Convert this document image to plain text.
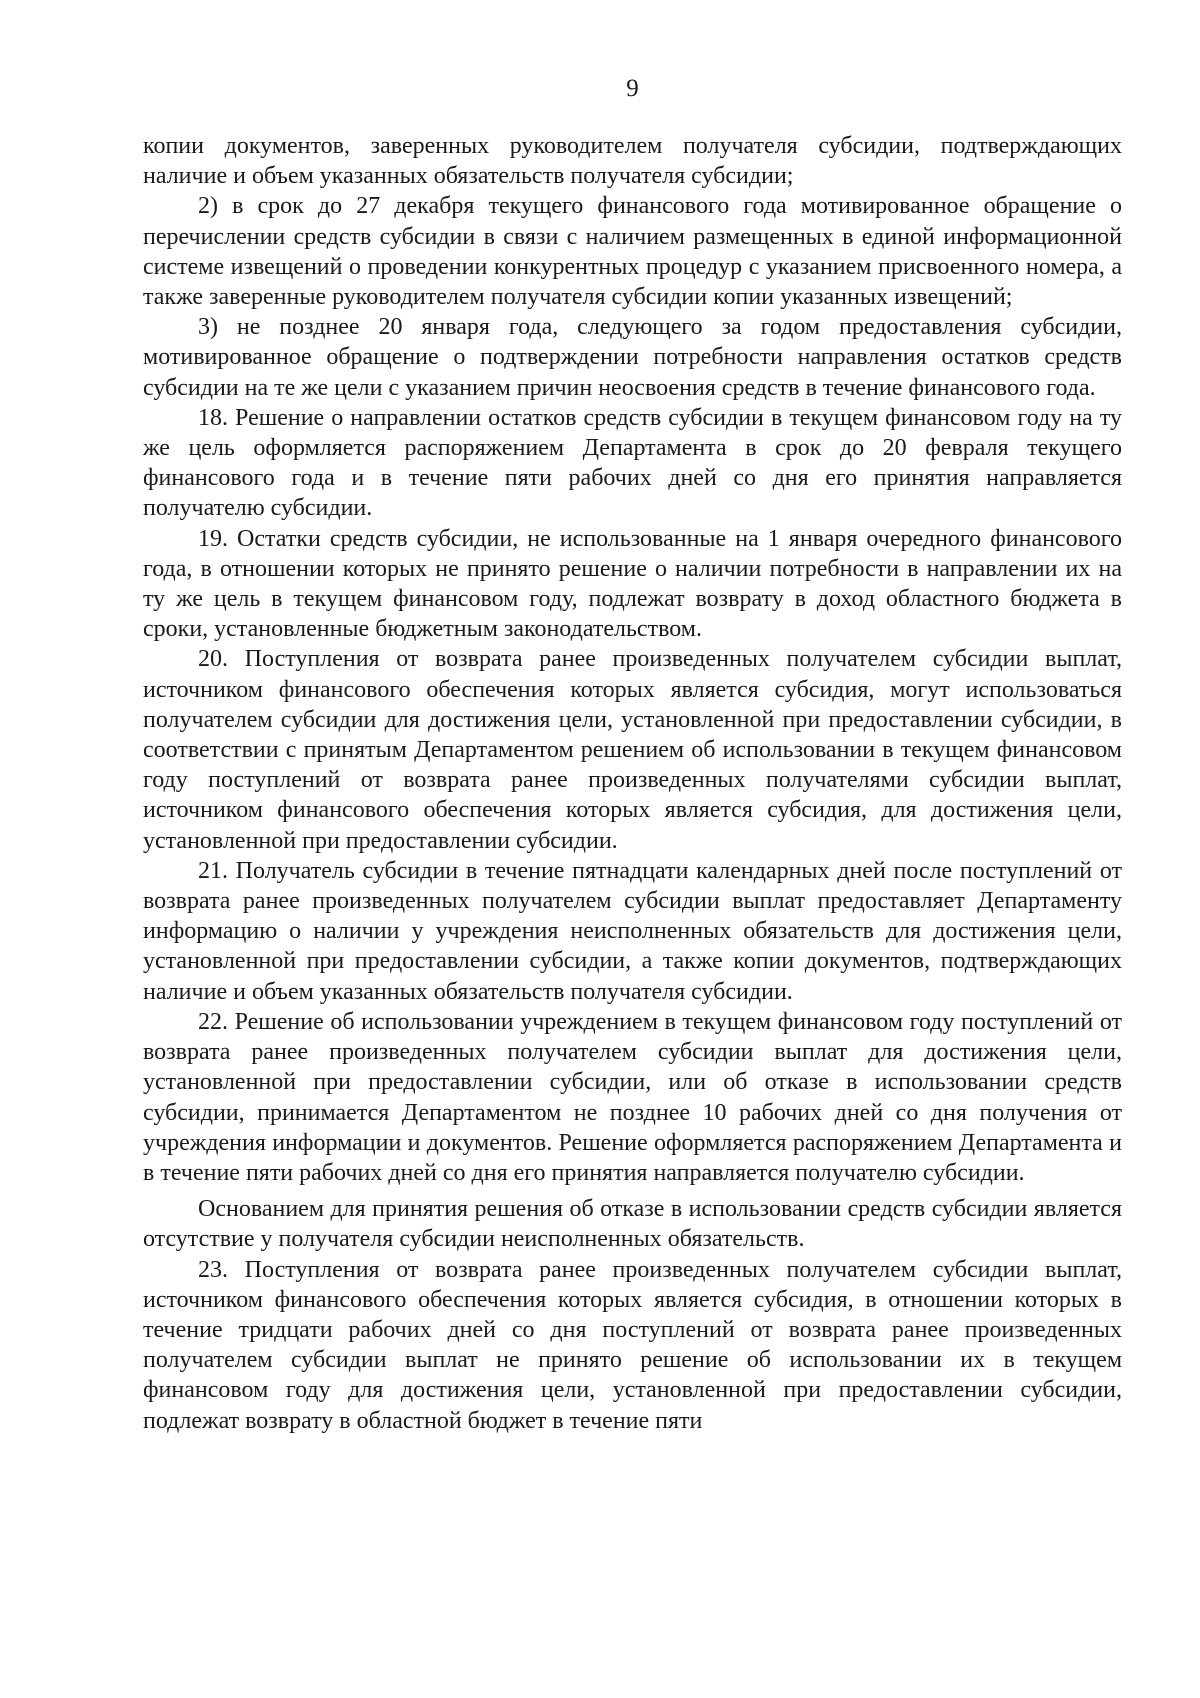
9

копии документов, заверенных руководителем получателя субсидии, подтверждающих наличие и объем указанных обязательств получателя субсидии;

2) в срок до 27 декабря текущего финансового года мотивированное обращение о перечислении средств субсидии в связи с наличием размещенных в единой информационной системе извещений о проведении конкурентных процедур с указанием присвоенного номера, а также заверенные руководителем получателя субсидии копии указанных извещений;

3) не позднее 20 января года, следующего за годом предоставления субсидии, мотивированное обращение о подтверждении потребности направления остатков средств субсидии на те же цели с указанием причин неосвоения средств в течение финансового года.

18. Решение о направлении остатков средств субсидии в текущем финансовом году на ту же цель оформляется распоряжением Департамента в срок до 20 февраля текущего финансового года и в течение пяти рабочих дней со дня его принятия направляется получателю субсидии.

19. Остатки средств субсидии, не использованные на 1 января очередного финансового года, в отношении которых не принято решение о наличии потребности в направлении их на ту же цель в текущем финансовом году, подлежат возврату в доход областного бюджета в сроки, установленные бюджетным законодательством.

20. Поступления от возврата ранее произведенных получателем субсидии выплат, источником финансового обеспечения которых является субсидия, могут использоваться получателем субсидии для достижения цели, установленной при предоставлении субсидии, в соответствии с принятым Департаментом решением об использовании в текущем финансовом году поступлений от возврата ранее произведенных получателями субсидии выплат, источником финансового обеспечения которых является субсидия, для достижения цели, установленной при предоставлении субсидии.

21. Получатель субсидии в течение пятнадцати календарных дней после поступлений от возврата ранее произведенных получателем субсидии выплат предоставляет Департаменту информацию о наличии у учреждения неисполненных обязательств для достижения цели, установленной при предоставлении субсидии, а также копии документов, подтверждающих наличие и объем указанных обязательств получателя субсидии.

22. Решение об использовании учреждением в текущем финансовом году поступлений от возврата ранее произведенных получателем субсидии выплат для достижения цели, установленной при предоставлении субсидии, или об отказе в использовании средств субсидии, принимается Департаментом не позднее 10 рабочих дней со дня получения от учреждения информации и документов. Решение оформляется распоряжением Департамента и в течение пяти рабочих дней со дня его принятия направляется получателю субсидии.

Основанием для принятия решения об отказе в использовании средств субсидии является отсутствие у получателя субсидии неисполненных обязательств.

23. Поступления от возврата ранее произведенных получателем субсидии выплат, источником финансового обеспечения которых является субсидия, в отношении которых в течение тридцати рабочих дней со дня поступлений от возврата ранее произведенных получателем субсидии выплат не принято решение об использовании их в текущем финансовом году для достижения цели, установленной при предоставлении субсидии, подлежат возврату в областной бюджет в течение пяти
